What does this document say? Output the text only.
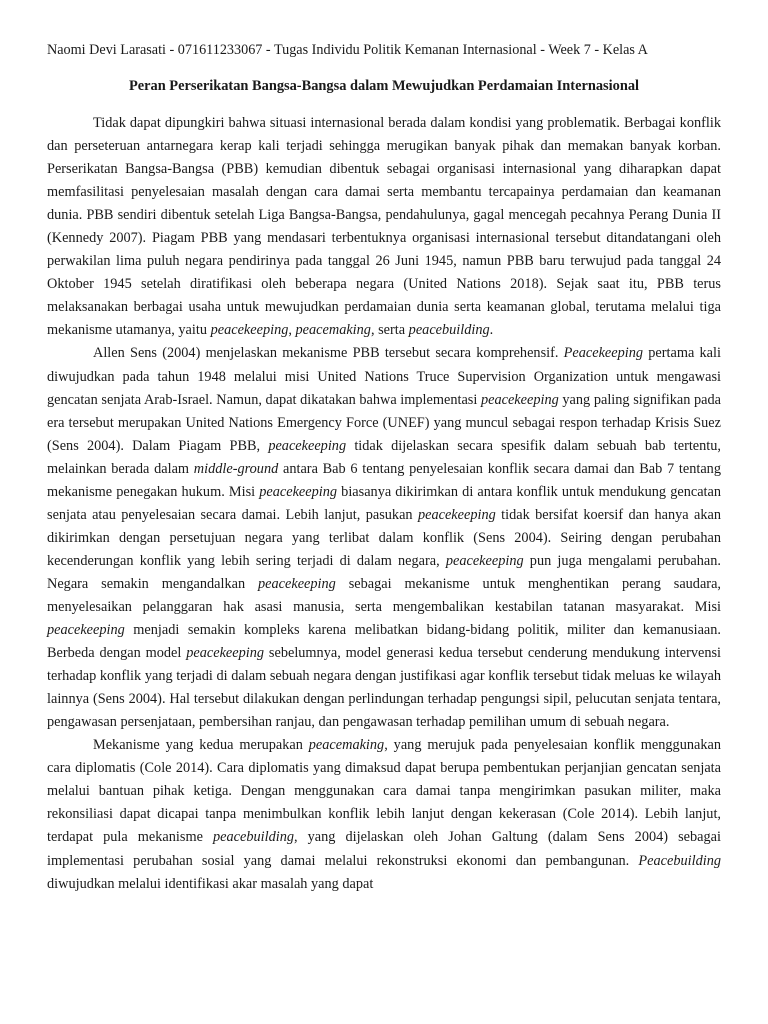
Naomi Devi Larasati - 071611233067 - Tugas Individu Politik Kemanan Internasional - Week 7 - Kelas A
Peran Perserikatan Bangsa-Bangsa dalam Mewujudkan Perdamaian Internasional

Tidak dapat dipungkiri bahwa situasi internasional berada dalam kondisi yang problematik. Berbagai konflik dan perseteruan antarnegara kerap kali terjadi sehingga merugikan banyak pihak dan memakan banyak korban. Perserikatan Bangsa-Bangsa (PBB) kemudian dibentuk sebagai organisasi internasional yang diharapkan dapat memfasilitasi penyelesaian masalah dengan cara damai serta membantu tercapainya perdamaian dan keamanan dunia. PBB sendiri dibentuk setelah Liga Bangsa-Bangsa, pendahulunya, gagal mencegah pecahnya Perang Dunia II (Kennedy 2007). Piagam PBB yang mendasari terbentuknya organisasi internasional tersebut ditandatangani oleh perwakilan lima puluh negara pendirinya pada tanggal 26 Juni 1945, namun PBB baru terwujud pada tanggal 24 Oktober 1945 setelah diratifikasi oleh beberapa negara (United Nations 2018). Sejak saat itu, PBB terus melaksanakan berbagai usaha untuk mewujudkan perdamaian dunia serta keamanan global, terutama melalui tiga mekanisme utamanya, yaitu peacekeeping, peacemaking, serta peacebuilding.

Allen Sens (2004) menjelaskan mekanisme PBB tersebut secara komprehensif. Peacekeeping pertama kali diwujudkan pada tahun 1948 melalui misi United Nations Truce Supervision Organization untuk mengawasi gencatan senjata Arab-Israel. Namun, dapat dikatakan bahwa implementasi peacekeeping yang paling signifikan pada era tersebut merupakan United Nations Emergency Force (UNEF) yang muncul sebagai respon terhadap Krisis Suez (Sens 2004). Dalam Piagam PBB, peacekeeping tidak dijelaskan secara spesifik dalam sebuah bab tertentu, melainkan berada dalam middle-ground antara Bab 6 tentang penyelesaian konflik secara damai dan Bab 7 tentang mekanisme penegakan hukum. Misi peacekeeping biasanya dikirimkan di antara konflik untuk mendukung gencatan senjata atau penyelesaian secara damai. Lebih lanjut, pasukan peacekeeping tidak bersifat koersif dan hanya akan dikirimkan dengan persetujuan negara yang terlibat dalam konflik (Sens 2004). Seiring dengan perubahan kecenderungan konflik yang lebih sering terjadi di dalam negara, peacekeeping pun juga mengalami perubahan. Negara semakin mengandalkan peacekeeping sebagai mekanisme untuk menghentikan perang saudara, menyelesaikan pelanggaran hak asasi manusia, serta mengembalikan kestabilan tatanan masyarakat. Misi peacekeeping menjadi semakin kompleks karena melibatkan bidang-bidang politik, militer dan kemanusiaan. Berbeda dengan model peacekeeping sebelumnya, model generasi kedua tersebut cenderung mendukung intervensi terhadap konflik yang terjadi di dalam sebuah negara dengan justifikasi agar konflik tersebut tidak meluas ke wilayah lainnya (Sens 2004). Hal tersebut dilakukan dengan perlindungan terhadap pengungsi sipil, pelucutan senjata tentara, pengawasan persenjataan, pembersihan ranjau, dan pengawasan terhadap pemilihan umum di sebuah negara.

Mekanisme yang kedua merupakan peacemaking, yang merujuk pada penyelesaian konflik menggunakan cara diplomatis (Cole 2014). Cara diplomatis yang dimaksud dapat berupa pembentukan perjanjian gencatan senjata melalui bantuan pihak ketiga. Dengan menggunakan cara damai tanpa mengirimkan pasukan militer, maka rekonsiliasi dapat dicapai tanpa menimbulkan konflik lebih lanjut dengan kekerasan (Cole 2014). Lebih lanjut, terdapat pula mekanisme peacebuilding, yang dijelaskan oleh Johan Galtung (dalam Sens 2004) sebagai implementasi perubahan sosial yang damai melalui rekonstruksi ekonomi dan pembangunan. Peacebuilding diwujudkan melalui identifikasi akar masalah yang dapat
